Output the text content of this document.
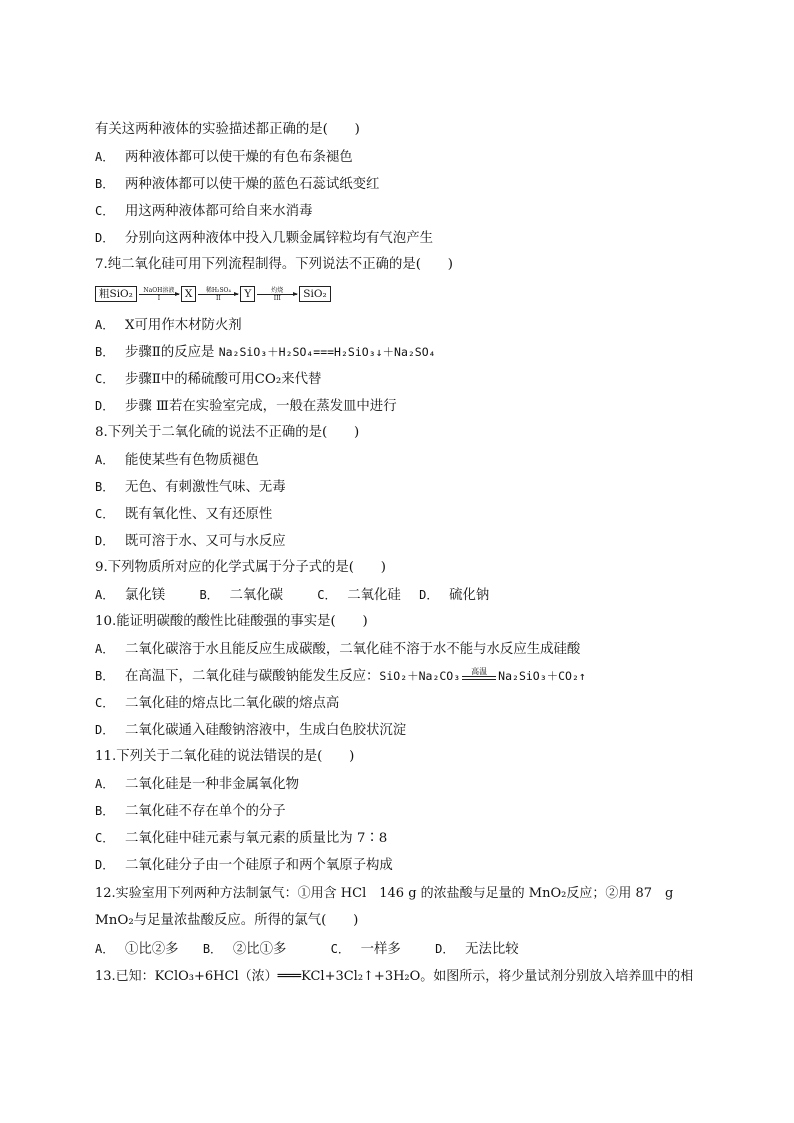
有关这两种液体的实验描述都正确的是(　　)
A． 两种液体都可以使干燥的有色布条褪色
B． 两种液体都可以使干燥的蓝色石蕊试纸变红
C． 用这两种液体都可给自来水消毒
D． 分别向这两种液体中投入几颗金属锌粒均有气泡产生
7.纯二氧化硅可用下列流程制得。下列说法不正确的是(　　)
粗SiO₂	NaOH溶液
I	X	稀H₂SO₄
II	Y	灼烧
III	SiO₂
A． X可用作木材防火剂
B． 步骤Ⅱ的反应是 Na₂SiO₃＋H₂SO₄===H₂SiO₃↓＋Na₂SO₄
C． 步骤Ⅱ中的稀硫酸可用CO₂来代替
D． 步骤 Ⅲ若在实验室完成，一般在蒸发皿中进行
8.下列关于二氧化硫的说法不正确的是(　　)
A． 能使某些有色物质褪色
B． 无色、有刺激性气味、无毒
C． 既有氧化性、又有还原性
D． 既可溶于水、又可与水反应
9.下列物质所对应的化学式属于分子式的是(　　)
A． 氯化镁	B． 二氧化碳	C． 二氧化硅 D． 硫化钠
10.能证明碳酸的酸性比硅酸强的事实是(　　)
A． 二氧化碳溶于水且能反应生成碳酸，二氧化硅不溶于水不能与水反应生成硅酸
B． 在高温下，二氧化硅与碳酸钠能发生反应：SiO₂＋Na₂CO₃ 高温 Na₂SiO₃＋CO₂↑
C． 二氧化硅的熔点比二氧化碳的熔点高
D． 二氧化碳通入硅酸钠溶液中，生成白色胶状沉淀
11.下列关于二氧化硅的说法错误的是(　　)
A． 二氧化硅是一种非金属氧化物
B． 二氧化硅不存在单个的分子
C． 二氧化硅中硅元素与氧元素的质量比为 7∶8
D． 二氧化硅分子由一个硅原子和两个氧原子构成
12.实验室用下列两种方法制氯气：①用含 HCl　146 g 的浓盐酸与足量的 MnO₂反应；②用 87　g
MnO₂与足量浓盐酸反应。所得的氯气(　　)
A． ①比②多 B． ②比①多	C． 一样多	D． 无法比较
13.已知：KClO₃+6HCl（浓）═══KCl+3Cl₂↑+3H₂O。如图所示，将少量试剂分别放入培养皿中的相
